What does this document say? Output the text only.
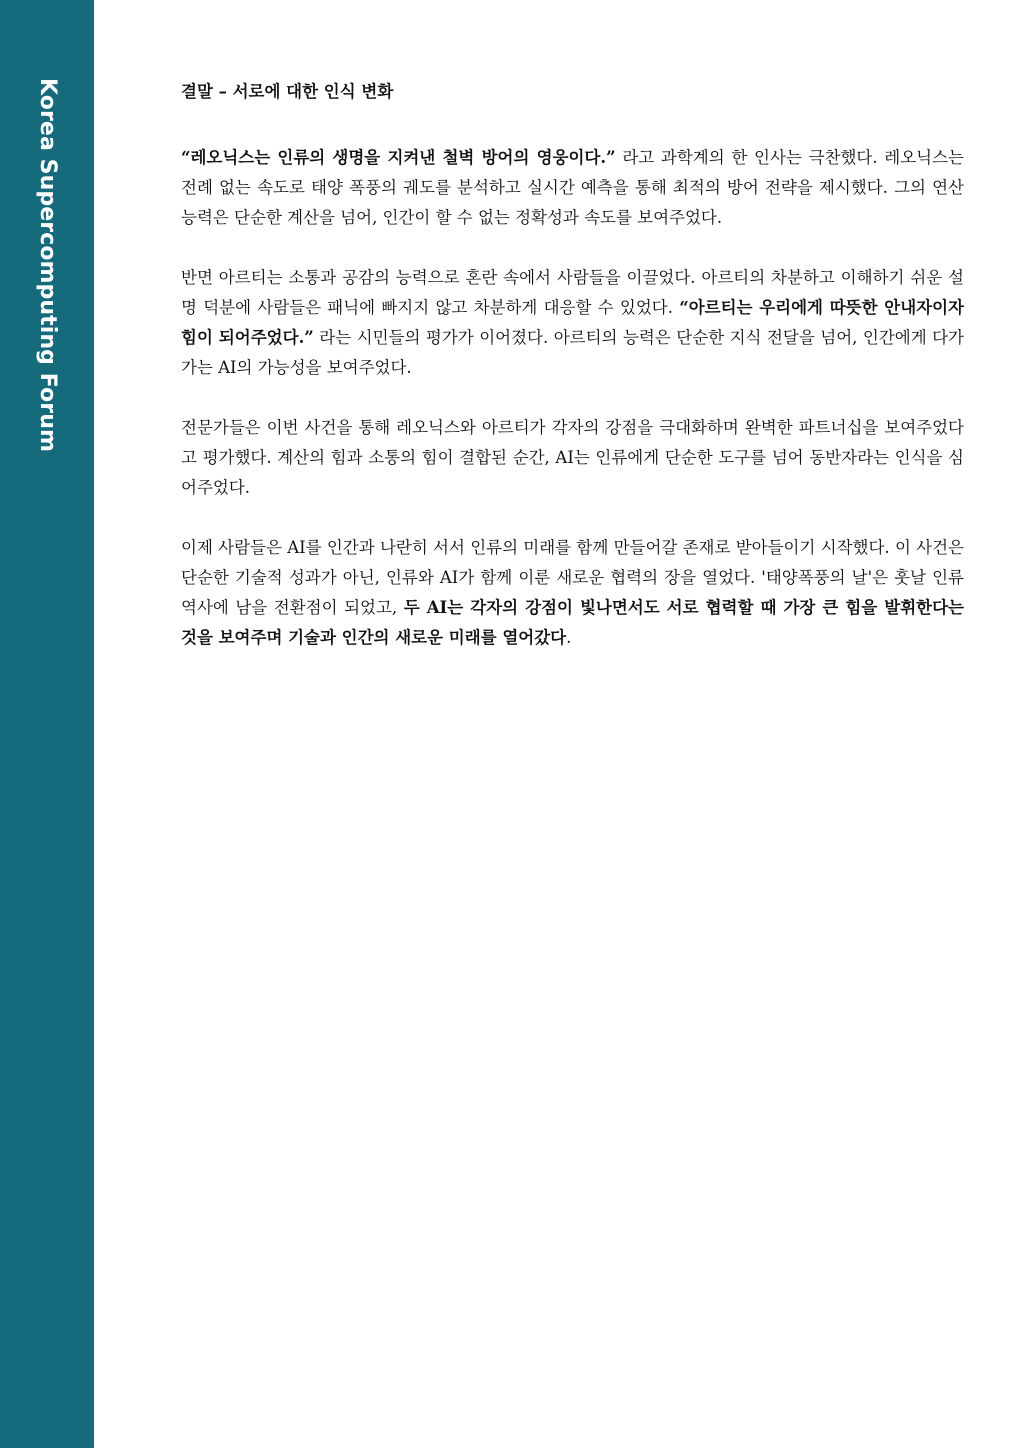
Korea Supercomputing Forum	결말 – 서로에 대한 인식 변화

“레오닉스는 인류의 생명을 지켜낸 철벽 방어의 영웅이다.” 라고 과학계의 한 인사는 극찬했다. 레오닉스는 전례 없는 속도로 태양 폭풍의 궤도를 분석하고 실시간 예측을 통해 최적의 방어 전략을 제시했다. 그의 연산 능력은 단순한 계산을 넘어, 인간이 할 수 없는 정확성과 속도를 보여주었다.

반면 아르티는 소통과 공감의 능력으로 혼란 속에서 사람들을 이끌었다. 아르티의 차분하고 이해하기 쉬운 설명 덕분에 사람들은 패닉에 빠지지 않고 차분하게 대응할 수 있었다. “아르티는 우리에게 따뜻한 안내자이자 힘이 되어주었다.” 라는 시민들의 평가가 이어졌다. 아르티의 능력은 단순한 지식 전달을 넘어, 인간에게 다가가는 AI의 가능성을 보여주었다.

전문가들은 이번 사건을 통해 레오닉스와 아르티가 각자의 강점을 극대화하며 완벽한 파트너십을 보여주었다고 평가했다. 계산의 힘과 소통의 힘이 결합된 순간, AI는 인류에게 단순한 도구를 넘어 동반자라는 인식을 심어주었다.

이제 사람들은 AI를 인간과 나란히 서서 인류의 미래를 함께 만들어갈 존재로 받아들이기 시작했다. 이 사건은 단순한 기술적 성과가 아닌, 인류와 AI가 함께 이룬 새로운 협력의 장을 열었다. '태양폭풍의 날'은 훗날 인류 역사에 남을 전환점이 되었고, 두 AI는 각자의 강점이 빛나면서도 서로 협력할 때 가장 큰 힘을 발휘한다는 것을 보여주며 기술과 인간의 새로운 미래를 열어갔다.
